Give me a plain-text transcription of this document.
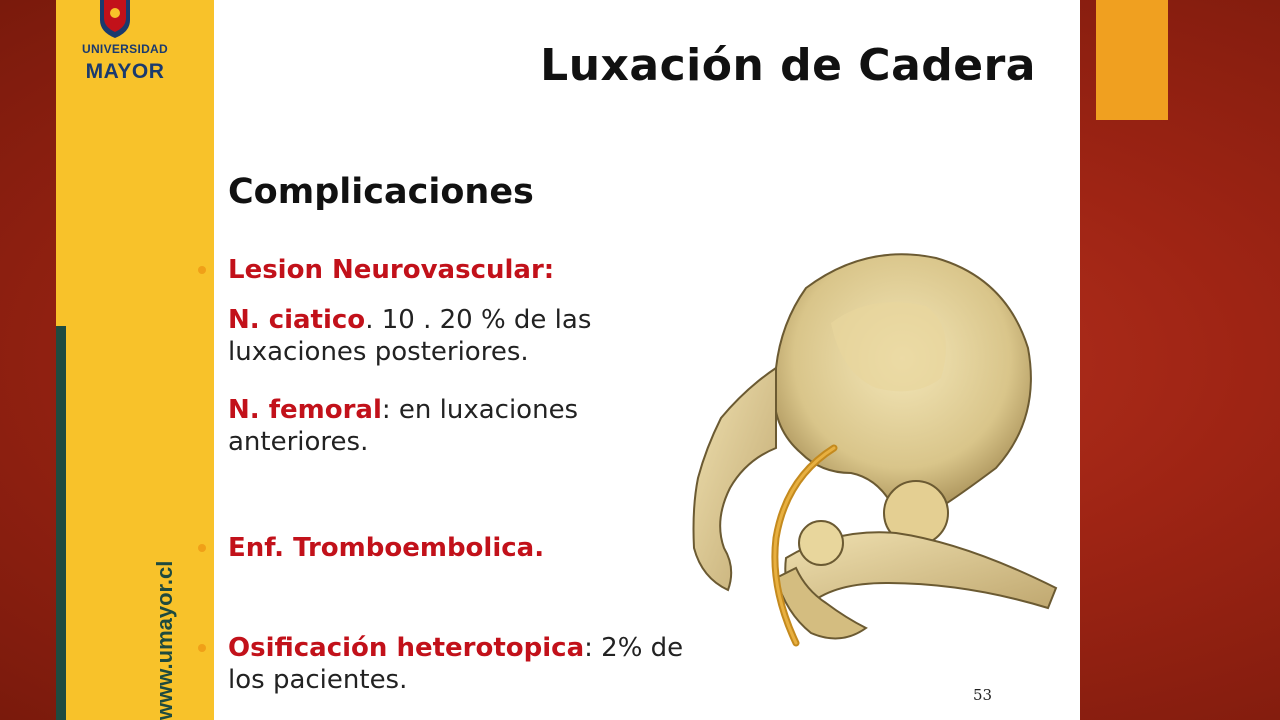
UNIVERSIDAD
MAYOR
www.umayor.cl
Luxación de Cadera
Complicaciones
Lesion Neurovascular:
N. ciatico. 10 . 20 % de las
luxaciones posteriores.
N. femoral: en luxaciones
anteriores.
Enf. Tromboembolica.
Osificación heterotopica: 2% de
los pacientes.	53
